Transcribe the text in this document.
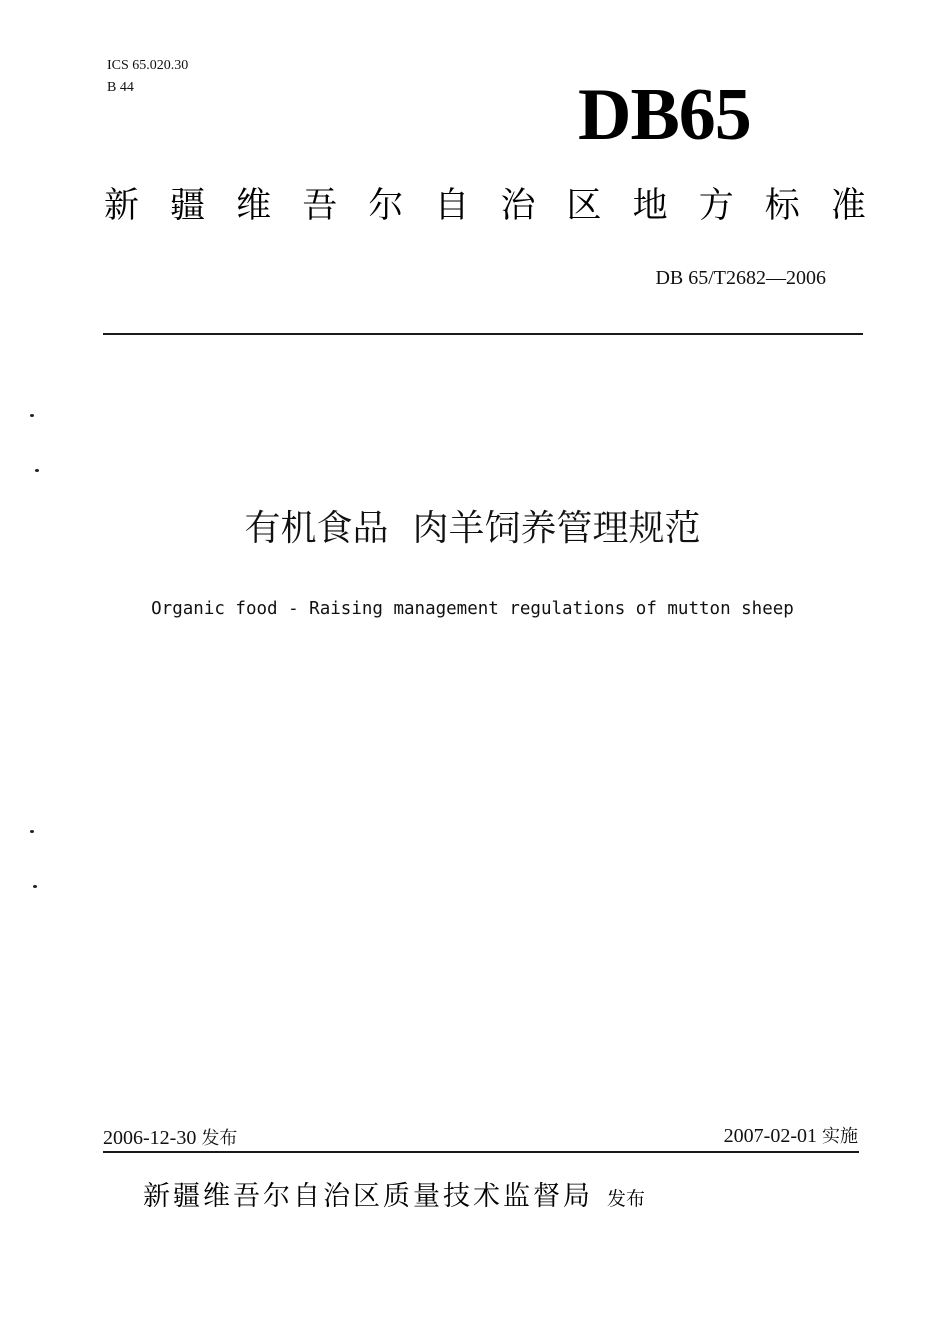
ICS 65.020.30
B 44	DB65
新 疆 维 吾 尔 自 治 区 地 方 标 准
DB 65/T2682—2006
有机食品 肉羊饲养管理规范
Organic food - Raising management regulations of mutton sheep
2006-12-30 发布	2007-02-01 实施
新疆维吾尔自治区质量技术监督局 发布
